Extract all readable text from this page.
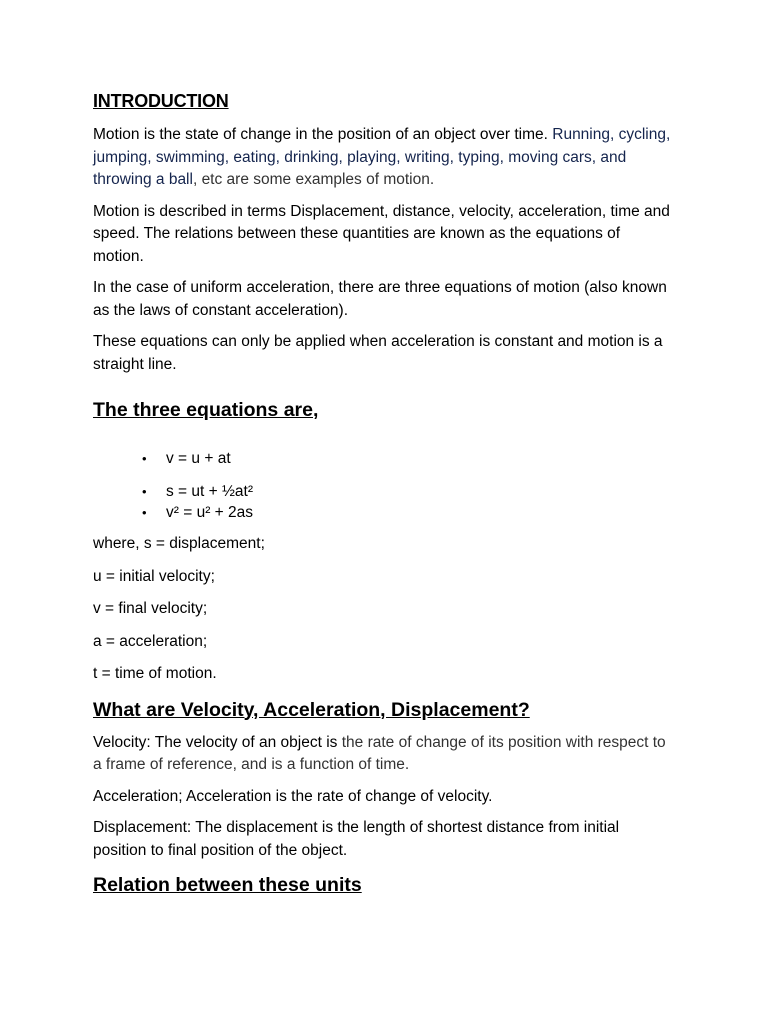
INTRODUCTION

Motion is the state of change in the position of an object over time. Running, cycling, jumping, swimming, eating, drinking, playing, writing, typing, moving cars, and throwing a ball, etc are some examples of motion.

Motion is described in terms Displacement, distance, velocity, acceleration, time and speed. The relations between these quantities are known as the equations of motion.

In the case of uniform acceleration, there are three equations of motion (also known as the laws of constant acceleration).

These equations can only be applied when acceleration is constant and motion is a straight line.

The three equations are,
• v = u + at
• s = ut + ½at²
• v² = u² + 2as

where, s = displacement;

u = initial velocity;

v = final velocity;

a = acceleration;

t = time of motion.

What are Velocity, Acceleration, Displacement?

Velocity: The velocity of an object is the rate of change of its position with respect to a frame of reference, and is a function of time.

Acceleration; Acceleration is the rate of change of velocity.

Displacement: The displacement is the length of shortest distance from initial position to final position of the object.

Relation between these units
